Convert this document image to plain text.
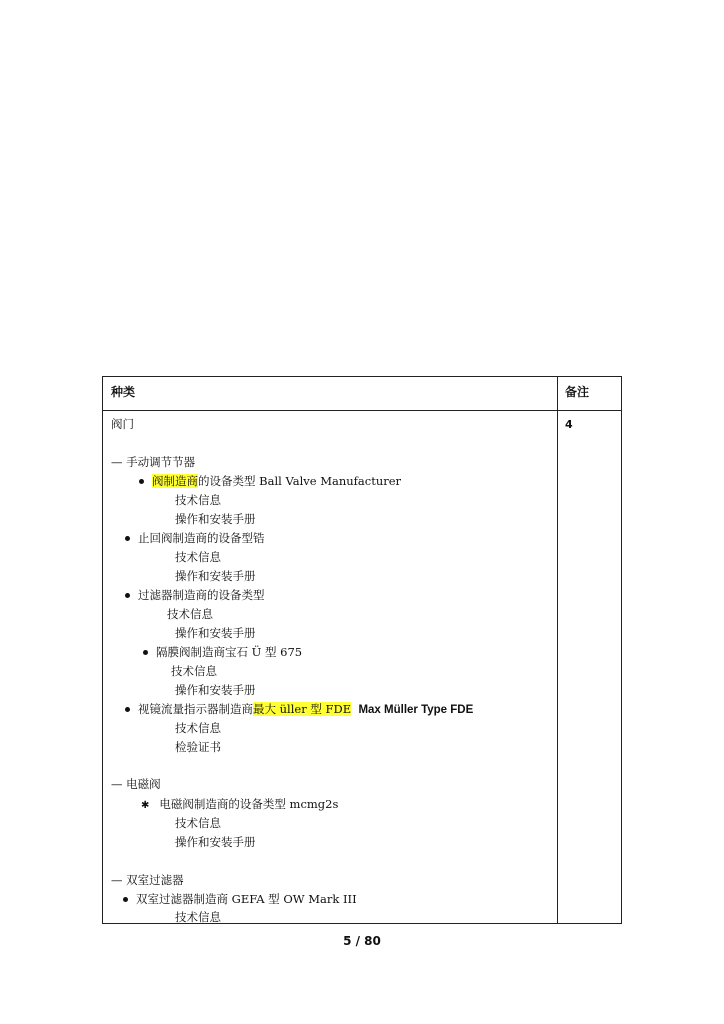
种类	备注
4
阀门
— 手动调节节器
阀制造商的设备类型 Ball Valve Manufacturer
技术信息
操作和安装手册
止回阀制造商的设备型锆
技术信息
操作和安装手册
过滤器制造商的设备类型
技术信息
操作和安装手册
隔膜阀制造商宝石 Ü 型 675
技术信息
操作和安装手册
视镜流量指示器制造商最大 üller 型 FDE Max Müller Type FDE
技术信息
检验证书
— 电磁阀
✱ 电磁阀制造商的设备类型 mcmg2s
技术信息
操作和安装手册
— 双室过滤器
双室过滤器制造商 GEFA 型 OW Mark III
技术信息
5 / 80
